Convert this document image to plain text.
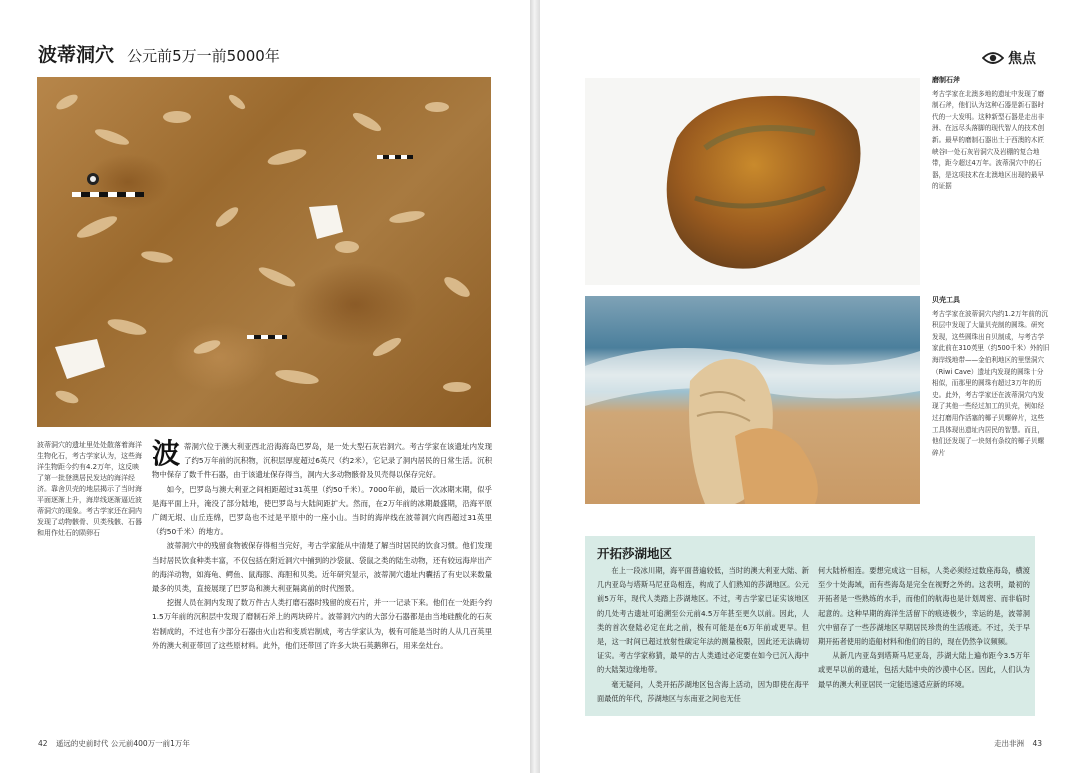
波蒂洞穴 公元前5万一前5000年
波蒂洞穴的遗址里处处散落着海洋生物化石，考古学家认为，这些海洋生物距今约有4.2万年，这反映了第一批登澳居民发达的海洋经济。靠舍贝壳的地层揭示了当时海平面逐渐上升，海岸线逐渐逼近波蒂洞穴的现象。考古学家还在洞内发现了动物骸骨、贝类残骸、石器和用作灶石的陨卵石

波蒂洞穴位于澳大利亚西北沿海海岛巴罗岛，是一处大型石灰岩洞穴。考古学家在该遗址内发现了约5万年前的沉积物，沉积层厚度超过6英尺（约2米），它记录了洞内居民的日常生活。沉积物中保存了数千件石器，由于该遗址保存得当，洞内大多动物骸骨及贝壳得以保存完好。

如今，巴罗岛与澳大利亚之间相距超过31英里（约50千米）。7000年前，最后一次冰期末期，似乎是海平面上升，淹没了部分陆地，使巴罗岛与大陆间距扩大。然而，在2万年前的冰期最盛期，沿海平原广阔无垠、山丘连绵，巴罗岛也不过是平原中的一座小山。当时的海岸线在波蒂洞穴向西超过31英里（约50千米）的地方。

波蒂洞穴中的残留食物被保存得相当完好，考古学家能从中清楚了解当时居民的饮食习惯。他们发现当时居民饮食种类丰富，不仅包括在附近洞穴中捕到的沙袋鼠、袋鼠之类的陆生动物，还有较远海岸出产的海洋动物，如海龟、鳄鱼、鼠海豚、海胆和贝类。近年研究显示，波蒂洞穴遗址内囊括了有史以来数量最多的贝类，直接展现了巴罗岛和澳大利亚隔离前的时代图景。

挖掘人员在洞内发现了数万件古人类打磨石器时残留的废石片，并一一记录下来。他们在一处距今约1.5万年前的沉积层中发现了磨制石斧上的两块碎片。波蒂洞穴内的大部分石器都是由当地硅酸化的石灰岩制成的，不过也有少部分石器由火山岩和变质岩制成，考古学家认为，极有可能是当时的人从几百英里外的澳大利亚带回了这些原材料。此外，他们还带回了许多大块石英鹅卵石，用来垒灶台。

42 遥远的史前时代 公元前400万一前1万年
焦点
磨制石斧
考古学家在北澳多地的遗址中发现了磨制石斧，他们认为这种石器是新石器时代的一大发明。这种新型石器是走出非洲、在远尽头落脚的现代智人的技术创新。最早的磨制石器出土于西澳的木匠峡谷I一处石灰岩洞穴及岩棚的复合地带，距今超过4万年。波蒂洞穴中的石器，是这项技术在北澳地区出现的最早的证据
贝壳工具
考古学家在波蒂洞穴内约1.2万年前的沉积层中发现了大量贝壳制的圆珠。研究发现，这些圆珠出自贝制成，与考古学家此前在310英里（约500千米）外的旧海岸线地带——金伯利地区的里堡洞穴（Riwi Cave）遗址内发现的圆珠十分相似，而那里的圆珠有超过3万年的历史。此外，考古学家还在波蒂洞穴内发现了其他一些经过加工的贝壳，例如经过打磨用作活塞的椰子贝螺碎片，这些工具体现出遗址内居民的智慧。而且，他们还发现了一块刻有条纹的椰子贝螺碎片
开拓莎湖地区

在上一段冰川期，海平面普遍较低，当时的澳大利亚大陆、新几内亚岛与塔斯马尼亚岛相连，构成了人们熟知的莎湖地区。公元前5万年，现代人类踏上莎湖地区。不过，考古学家已证实该地区的几处考古遗址可追溯至公元前4.5万年甚至更久以前。因此，人类的首次登陆必定在此之前，极有可能是在6万年前或更早。但是，这一时间已超过放射性碳定年法的测量极限，因此还无法确切证实。考古学家称猜，最早的古人类通过必定要在如今已沉入海中的大陆架边缘地带。

毫无疑问，人类开拓莎湖地区包含海上活动，因为即使在海平面最低的年代，莎湖地区与东南亚之间也无任

何大陆桥相连。要想完成这一目标，人类必须经过数座海岛，横渡至少十处海域，而有些海岛是完全在视野之外的。这表明，最初的开拓者是一些熟练的水手，而他们的航海也是计划周密、而非临时起意的。这种早期的海洋生活留下的痕迹极少，幸运的是，波蒂洞穴中留存了一些莎湖地区早期居民珍贵的生活痕迹。不过，关于早期开拓者使用的造船材料和他们的目的，现在仍然争议频频。

从新几内亚岛到塔斯马尼亚岛，莎湖大陆上遍布距今3.5万年或更早以前的遗址，包括大陆中央的沙漠中心区。因此，人们认为最早的澳大利亚居民一定能迅速适应新的环境。

走出非洲 43
